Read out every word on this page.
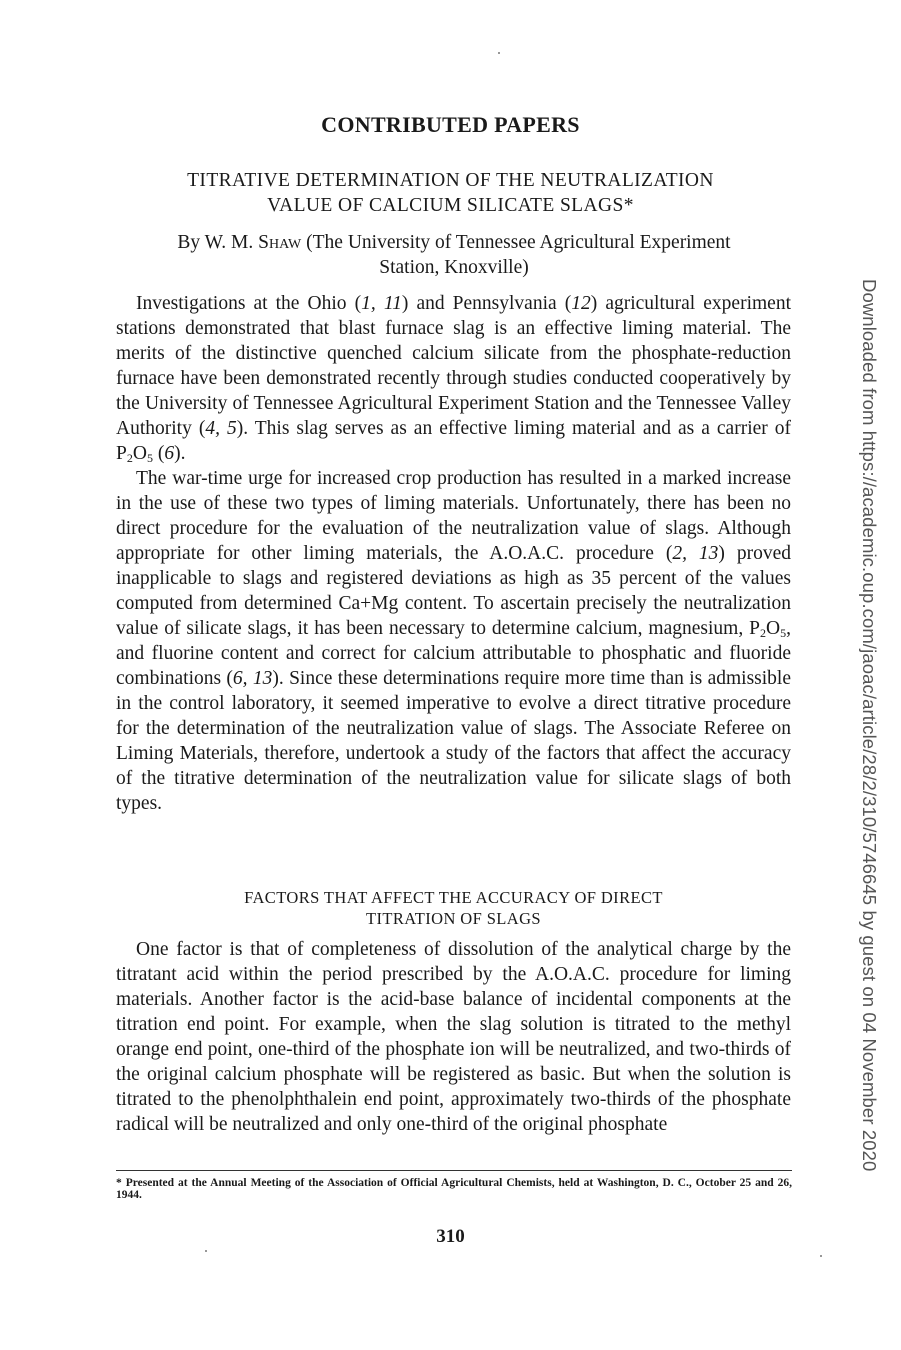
CONTRIBUTED PAPERS
TITRATIVE DETERMINATION OF THE NEUTRALIZATION
VALUE OF CALCIUM SILICATE SLAGS*
By W. M. Shaw (The University of Tennessee Agricultural Experiment
Station, Knoxville)

Investigations at the Ohio (1, 11) and Pennsylvania (12) agricultural experiment stations demonstrated that blast furnace slag is an effective liming material. The merits of the distinctive quenched calcium silicate from the phosphate-reduction furnace have been demonstrated recently through studies conducted cooperatively by the University of Tennessee Agricultural Experiment Station and the Tennessee Valley Authority (4, 5). This slag serves as an effective liming material and as a carrier of $P_2O_5$ (6).

The war-time urge for increased crop production has resulted in a marked increase in the use of these two types of liming materials. Unfortunately, there has been no direct procedure for the evaluation of the neutralization value of slags. Although appropriate for other liming materials, the A.O.A.C. procedure (2, 13) proved inapplicable to slags and registered deviations as high as 35 percent of the values computed from determined Ca+Mg content. To ascertain precisely the neutralization value of silicate slags, it has been necessary to determine calcium, magnesium, $P_2O_5$, and fluorine content and correct for calcium attributable to phosphatic and fluoride combinations (6, 13). Since these determinations require more time than is admissible in the control laboratory, it seemed imperative to evolve a direct titrative procedure for the determination of the neutralization value of slags. The Associate Referee on Liming Materials, therefore, undertook a study of the factors that affect the accuracy of the titrative determination of the neutralization value for silicate slags of both types.

FACTORS THAT AFFECT THE ACCURACY OF DIRECT
TITRATION OF SLAGS

One factor is that of completeness of dissolution of the analytical charge by the titratant acid within the period prescribed by the A.O.A.C. procedure for liming materials. Another factor is the acid-base balance of incidental components at the titration end point. For example, when the slag solution is titrated to the methyl orange end point, one-third of the phosphate ion will be neutralized, and two-thirds of the original calcium phosphate will be registered as basic. But when the solution is titrated to the phenolphthalein end point, approximately two-thirds of the phosphate radical will be neutralized and only one-third of the original phosphate

* Presented at the Annual Meeting of the Association of Official Agricultural Chemists, held at Washington, D. C., October 25 and 26, 1944.
310
Downloaded from https://academic.oup.com/jaoac/article/28/2/310/5746645 by guest on 04 November 2020
